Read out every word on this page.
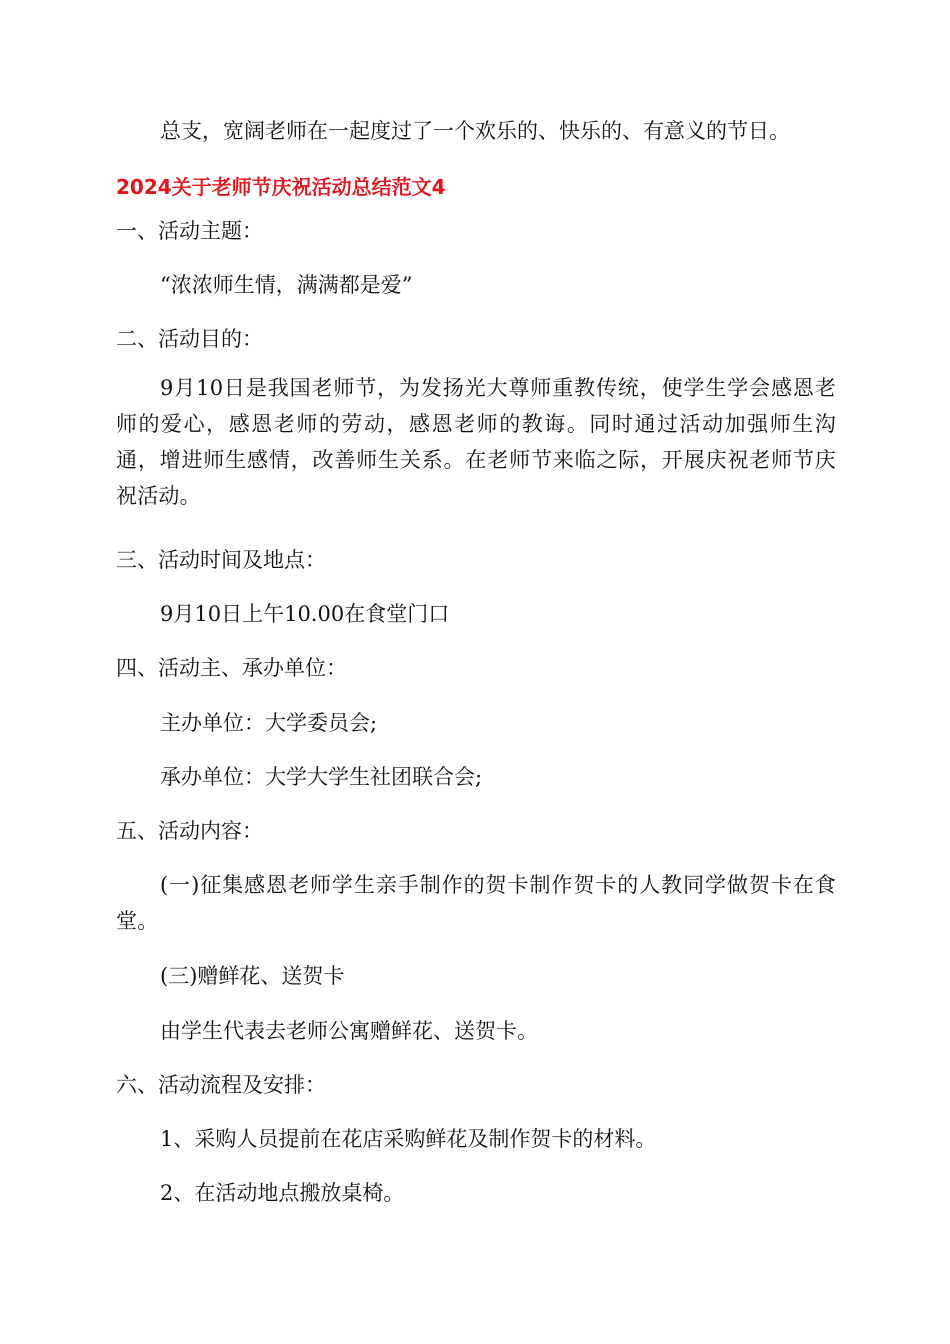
总支，宽阔老师在一起度过了一个欢乐的、快乐的、有意义的节日。
2024关于老师节庆祝活动总结范文4
一、活动主题：
“浓浓师生情，满满都是爱”
二、活动目的：
9月10日是我国老师节，为发扬光大尊师重教传统，使学生学会感恩老师的爱心，感恩老师的劳动，感恩老师的教诲。同时通过活动加强师生沟通，增进师生感情，改善师生关系。在老师节来临之际，开展庆祝老师节庆祝活动。
三、活动时间及地点：
9月10日上午10.00在食堂门口
四、活动主、承办单位：
主办单位：大学委员会;
承办单位：大学大学生社团联合会;
五、活动内容：
(一)征集感恩老师学生亲手制作的贺卡制作贺卡的人教同学做贺卡在食堂。
(三)赠鲜花、送贺卡
由学生代表去老师公寓赠鲜花、送贺卡。
六、活动流程及安排：
1、采购人员提前在花店采购鲜花及制作贺卡的材料。
2、在活动地点搬放桌椅。
